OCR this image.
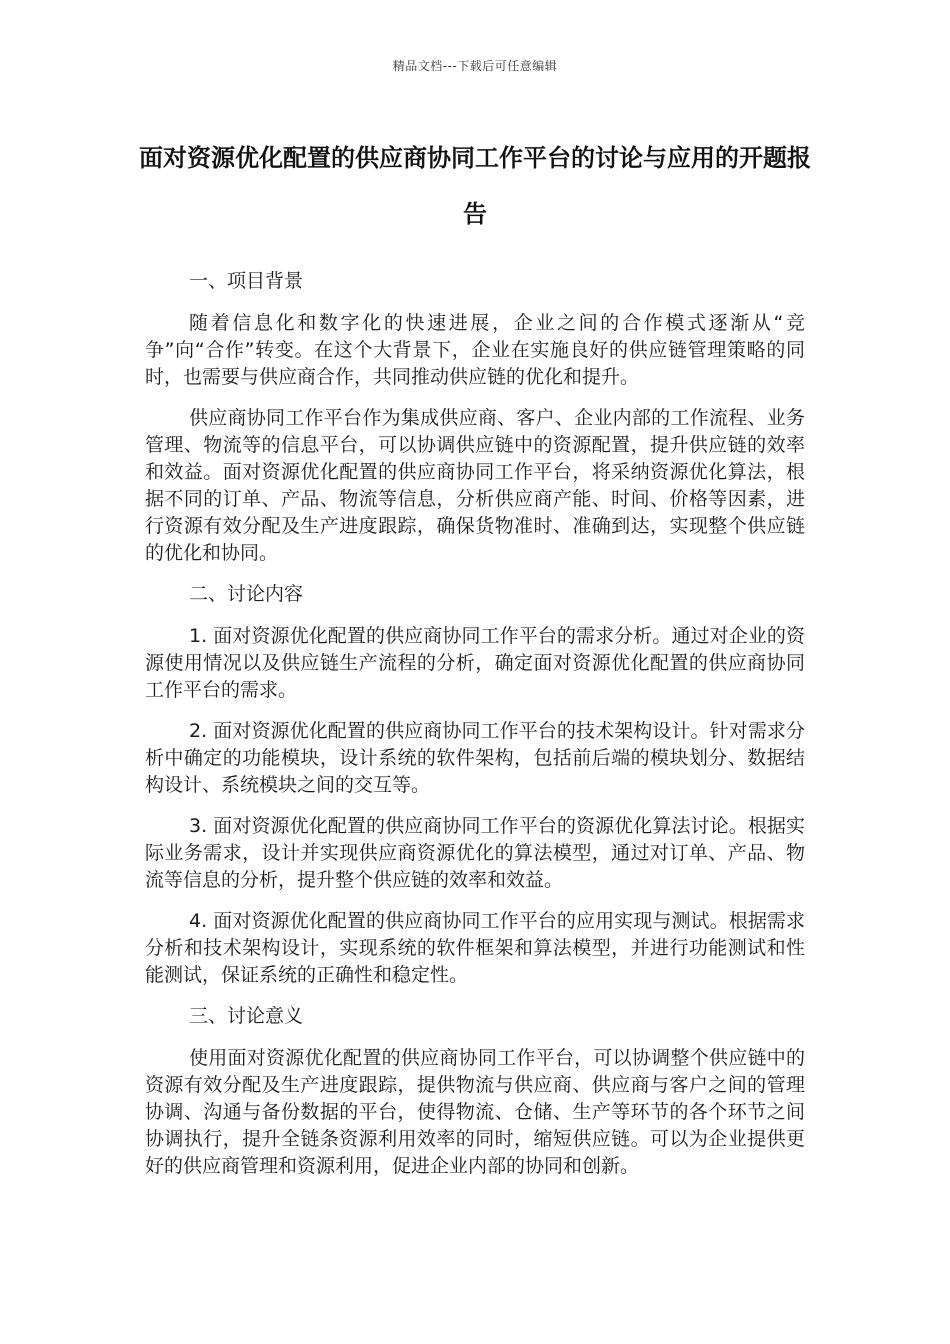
精品文档---下载后可任意编辑
面对资源优化配置的供应商协同工作平台的讨论与应用的开题报告

一、项目背景

随着信息化和数字化的快速进展，企业之间的合作模式逐渐从“竞争”向“合作”转变。在这个大背景下，企业在实施良好的供应链管理策略的同时，也需要与供应商合作，共同推动供应链的优化和提升。

供应商协同工作平台作为集成供应商、客户、企业内部的工作流程、业务管理、物流等的信息平台，可以协调供应链中的资源配置，提升供应链的效率和效益。面对资源优化配置的供应商协同工作平台，将采纳资源优化算法，根据不同的订单、产品、物流等信息，分析供应商产能、时间、价格等因素，进行资源有效分配及生产进度跟踪，确保货物准时、准确到达，实现整个供应链的优化和协同。

二、讨论内容

1. 面对资源优化配置的供应商协同工作平台的需求分析。通过对企业的资源使用情况以及供应链生产流程的分析，确定面对资源优化配置的供应商协同工作平台的需求。

2. 面对资源优化配置的供应商协同工作平台的技术架构设计。针对需求分析中确定的功能模块，设计系统的软件架构，包括前后端的模块划分、数据结构设计、系统模块之间的交互等。

3. 面对资源优化配置的供应商协同工作平台的资源优化算法讨论。根据实际业务需求，设计并实现供应商资源优化的算法模型，通过对订单、产品、物流等信息的分析，提升整个供应链的效率和效益。

4. 面对资源优化配置的供应商协同工作平台的应用实现与测试。根据需求分析和技术架构设计，实现系统的软件框架和算法模型，并进行功能测试和性能测试，保证系统的正确性和稳定性。

三、讨论意义

使用面对资源优化配置的供应商协同工作平台，可以协调整个供应链中的资源有效分配及生产进度跟踪，提供物流与供应商、供应商与客户之间的管理协调、沟通与备份数据的平台，使得物流、仓储、生产等环节的各个环节之间协调执行，提升全链条资源利用效率的同时，缩短供应链。可以为企业提供更好的供应商管理和资源利用，促进企业内部的协同和创新。
